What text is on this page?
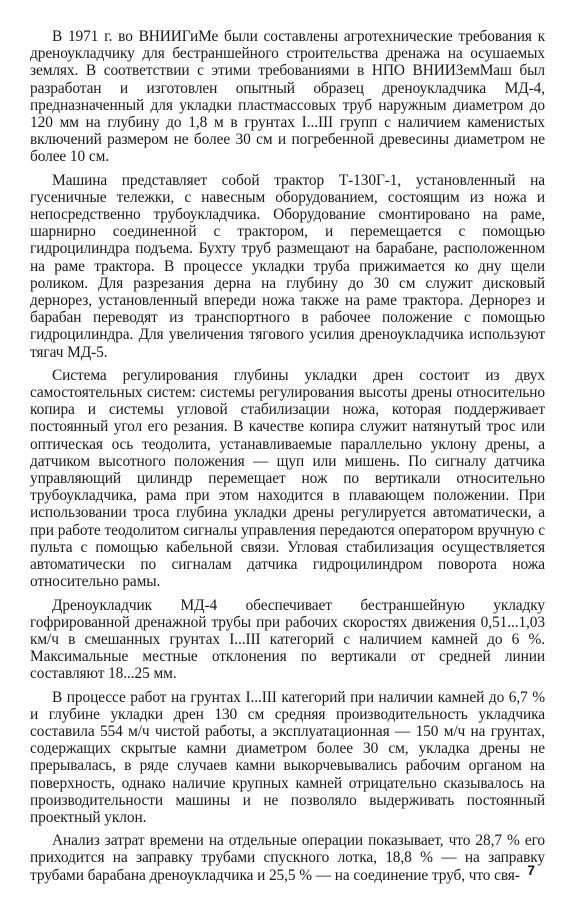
В 1971 г. во ВНИИГиМе были составлены агротехнические требования к дреноукладчику для бестраншейного строительства дренажа на осушаемых землях. В соответствии с этими требованиями в НПО ВНИИЗемМаш был разработан и изготовлен опытный образец дреноукладчика МД-4, предназначенный для укладки пластмассовых труб наружным диаметром до 120 мм на глубину до 1,8 м в грунтах I...III групп с наличием каменистых включений размером не более 30 см и погребенной древесины диаметром не более 10 см.

Машина представляет собой трактор Т-130Г-1, установленный на гусеничные тележки, с навесным оборудованием, состоящим из ножа и непосредственно трубоукладчика. Оборудование смонтировано на раме, шарнирно соединенной с трактором, и перемещается с помощью гидроцилиндра подъема. Бухту труб размещают на барабане, расположенном на раме трактора. В процессе укладки труба прижимается ко дну щели роликом. Для разрезания дерна на глубину до 30 см служит дисковый дернорез, установленный впереди ножа также на раме трактора. Дернорез и барабан переводят из транспортного в рабочее положение с помощью гидроцилиндра. Для увеличения тягового усилия дреноукладчика используют тягач МД-5.

Система регулирования глубины укладки дрен состоит из двух самостоятельных систем: системы регулирования высоты дрены относительно копира и системы угловой стабилизации ножа, которая поддерживает постоянный угол его резания. В качестве копира служит натянутый трос или оптическая ось теодолита, устанавливаемые параллельно уклону дрены, а датчиком высотного положения — щуп или мишень. По сигналу датчика управляющий цилиндр перемещает нож по вертикали относительно трубоукладчика, рама при этом находится в плавающем положении. При использовании троса глубина укладки дрены регулируется автоматически, а при работе теодолитом сигналы управления передаются оператором вручную с пульта с помощью кабельной связи. Угловая стабилизация осуществляется автоматически по сигналам датчика гидроцилиндром поворота ножа относительно рамы.

Дреноукладчик МД-4 обеспечивает бестраншейную укладку гофрированной дренажной трубы при рабочих скоростях движения 0,51...1,03 км/ч в смешанных грунтах I...III категорий с наличием камней до 6 %. Максимальные местные отклонения по вертикали от средней линии составляют 18...25 мм.

В процессе работ на грунтах I...III категорий при наличии камней до 6,7 % и глубине укладки дрен 130 см средняя производительность укладчика составила 554 м/ч чистой работы, а эксплуатационная — 150 м/ч на грунтах, содержащих скрытые камни диаметром более 30 см, укладка дрены не прерывалась, в ряде случаев камни выкорчевывались рабочим органом на поверхность, однако наличие крупных камней отрицательно сказывалось на производительности машины и не позволяло выдерживать постоянный проектный уклон.

Анализ затрат времени на отдельные операции показывает, что 28,7 % его приходится на заправку трубами спускного лотка, 18,8 % — на заправку трубами барабана дреноукладчика и 25,5 % — на соединение труб, что свя- 7
